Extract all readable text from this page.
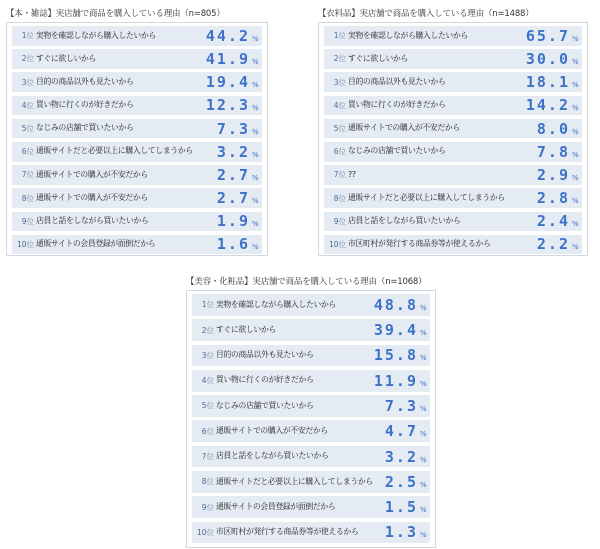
【本・雑誌】実店舗で商品を購入している理由（n=805）
1位 実物を確認しながら購入したいから	44.2 %
2位 すぐに欲しいから	41.9 %
3位 目的の商品以外も見たいから	19.4 %
4位 買い物に行くのが好きだから	12.3 %
5位 なじみの店舗で買いたいから	7.3 %
6位 通販サイトだと必要以上に購入してしまうから	3.2 %
7位 通販サイトでの購入が不安だから	2.7 %
8位 通販サイトでの購入が不安だから	2.7 %
9位 店員と話をしながら買いたいから	1.9 %
10位 通販サイトの会員登録が面倒だから	1.6 %
【衣料品】実店舗で商品を購入している理由（n=1488）
1位 実物を確認しながら購入したいから	65.7 %
2位 すぐに欲しいから	30.0 %
3位 目的の商品以外も見たいから	18.1 %
4位 買い物に行くのが好きだから	14.2 %
5位 通販サイトでの購入が不安だから	8.0 %
6位 なじみの店舗で買いたいから	7.8 %
7位 ??	2.9 %
8位 通販サイトだと必要以上に購入してしまうから	2.8 %
9位 店員と話をしながら買いたいから	2.4 %
10位 市区町村が発行する商品券等が使えるから	2.2 %
【美容・化粧品】実店舗で商品を購入している理由（n=1068）
1位 実物を確認しながら購入したいから	48.8 %
2位 すぐに欲しいから	39.4 %
3位 目的の商品以外も見たいから	15.8 %
4位 買い物に行くのが好きだから	11.9 %
5位 なじみの店舗で買いたいから	7.3 %
6位 通販サイトでの購入が不安だから	4.7 %
7位 店員と話をしながら買いたいから	3.2 %
8位 通販サイトだと必要以上に購入してしまうから 2.5 %
9位 通販サイトの会員登録が面倒だから	1.5 %
10位 市区町村が発行する商品券等が使えるから	1.3 %
